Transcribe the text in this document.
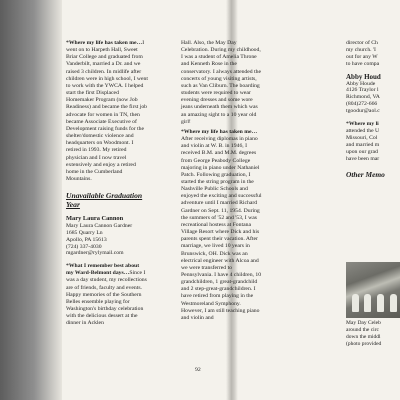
*Where my life has taken me…I went on to Harpeth Hall, Sweet Briar College and graduated from Vanderbilt, married a Dr. and we raised 3 children. In midlife after children were in high school, I went to work with the YWCA. I helped start the first Displaced Homemaker Program (now Job Readiness) and became the first job advocate for women in TN, then became Associate Executive of Development raising funds for the shelter/domestic violence and headquarters on Woodmont. I retired in 1993. My retired physician and I now travel extensively and enjoy a retired home in the Cumberland Mountains.

Unavailable Graduation Year
Mary Laura Cannon
Mary Laura Cannon Gardner
1685 Quarry Ln
Apollo, PA 15613
(724) 337-4030
mgardner@rylymail.com

*What I remember best about my Ward-Belmont days…Since I was a day student, my recollections are of friends, faculty and events. Happy memories of the Southern Belles ensemble playing for Washington's birthday celebration with the delicious dessert at the dinner in Acklen

Hall. Also, the May Day Celebration. During my childhood, I was a student of Amelia Throne and Kenneth Rose in the conservatory. I always attended the concerts of young visiting artists, such as Van Cliburn. The boarding students were required to wear evening dresses and some wore jeans underneath them which was an amazing sight to a 10 year old girl!

*Where my life has taken me…After receiving diplomas in piano and violin at W. B. in 1946, I received B.M. and M.M. degrees from George Peabody College majoring in piano under Nathaniel Patch. Following graduation, I started the string program in the Nashville Public Schools and enjoyed the exciting and successful adventure until I married Richard Gardner on Sept. 11, 1954. During the summers of '52 and '53, I was recreational hostess at Fontana Village Resort where Dick and his parents spent their vacation. After marriage, we lived 10 years in Brunswick, OH. Dick was an electrical engineer with Alcoa and we were transferred to Pennsylvania. I have 4 children, 10 grandchildren, 1 great-grandchild and 2 step-great-grandchildren. I have retired from playing in the Westmoreland Symphony. However, I am still teaching piano and violin and

director of Ch
my church. 'I
out for any W
to have compa
Abby Houd
Abby Houde
4126 Traylor l
Richmond, VA
(804)272-666
tgoodur@aol.c
*Where my li
attended the U
Missouri, Col
and married m
upon our grad
have been mar
Other Memo
May Day Celeb
around the circ
down the middl
(photo provided
92
